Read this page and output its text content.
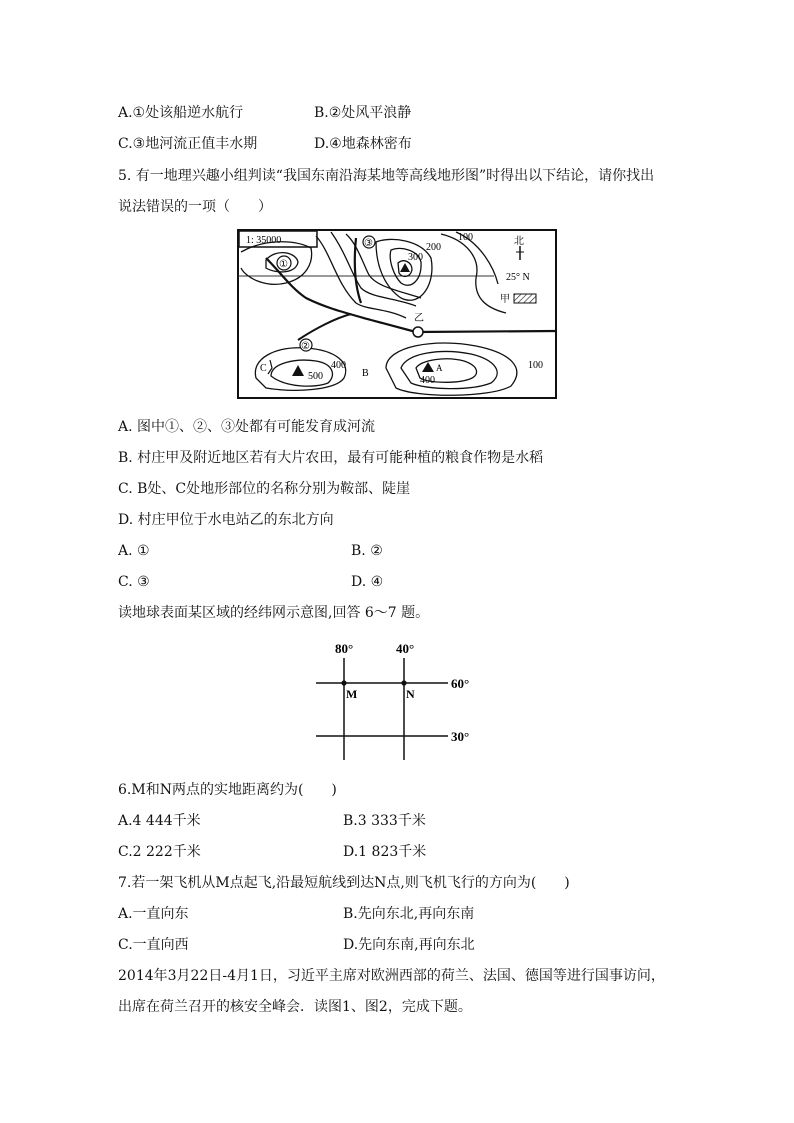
A.①处该船逆水航行	B.②处风平浪静
C.③地河流正值丰水期	D.④地森林密布
5. 有一地理兴趣小组判读“我国东南沿海某地等高线地形图”时得出以下结论，请你找出
说法错误的一项（　　）
1: 35000
25° N
北
甲
①
乙
③	200
300
100
500
C
②
400
B	A
400
100
A. 图中①、②、③处都有可能发育成河流
B. 村庄甲及附近地区若有大片农田，最有可能种植的粮食作物是水稻
C. B处、C处地形部位的名称分别为鞍部、陡崖
D. 村庄甲位于水电站乙的东北方向
A. ①	B. ②
C. ③	D. ④
读地球表面某区域的经纬网示意图,回答 6～7 题。
80°	40°
60°
30°
M	N
6.M和N两点的实地距离约为(　　)
A.4 444千米	B.3 333千米
C.2 222千米	D.1 823千米
7.若一架飞机从M点起飞,沿最短航线到达N点,则飞机飞行的方向为(　　)
A.一直向东	B.先向东北,再向东南
C.一直向西	D.先向东南,再向东北
2014年3月22日-4月1日，习近平主席对欧洲西部的荷兰、法国、德国等进行国事访问，
出席在荷兰召开的核安全峰会．读图1、图2，完成下题。
